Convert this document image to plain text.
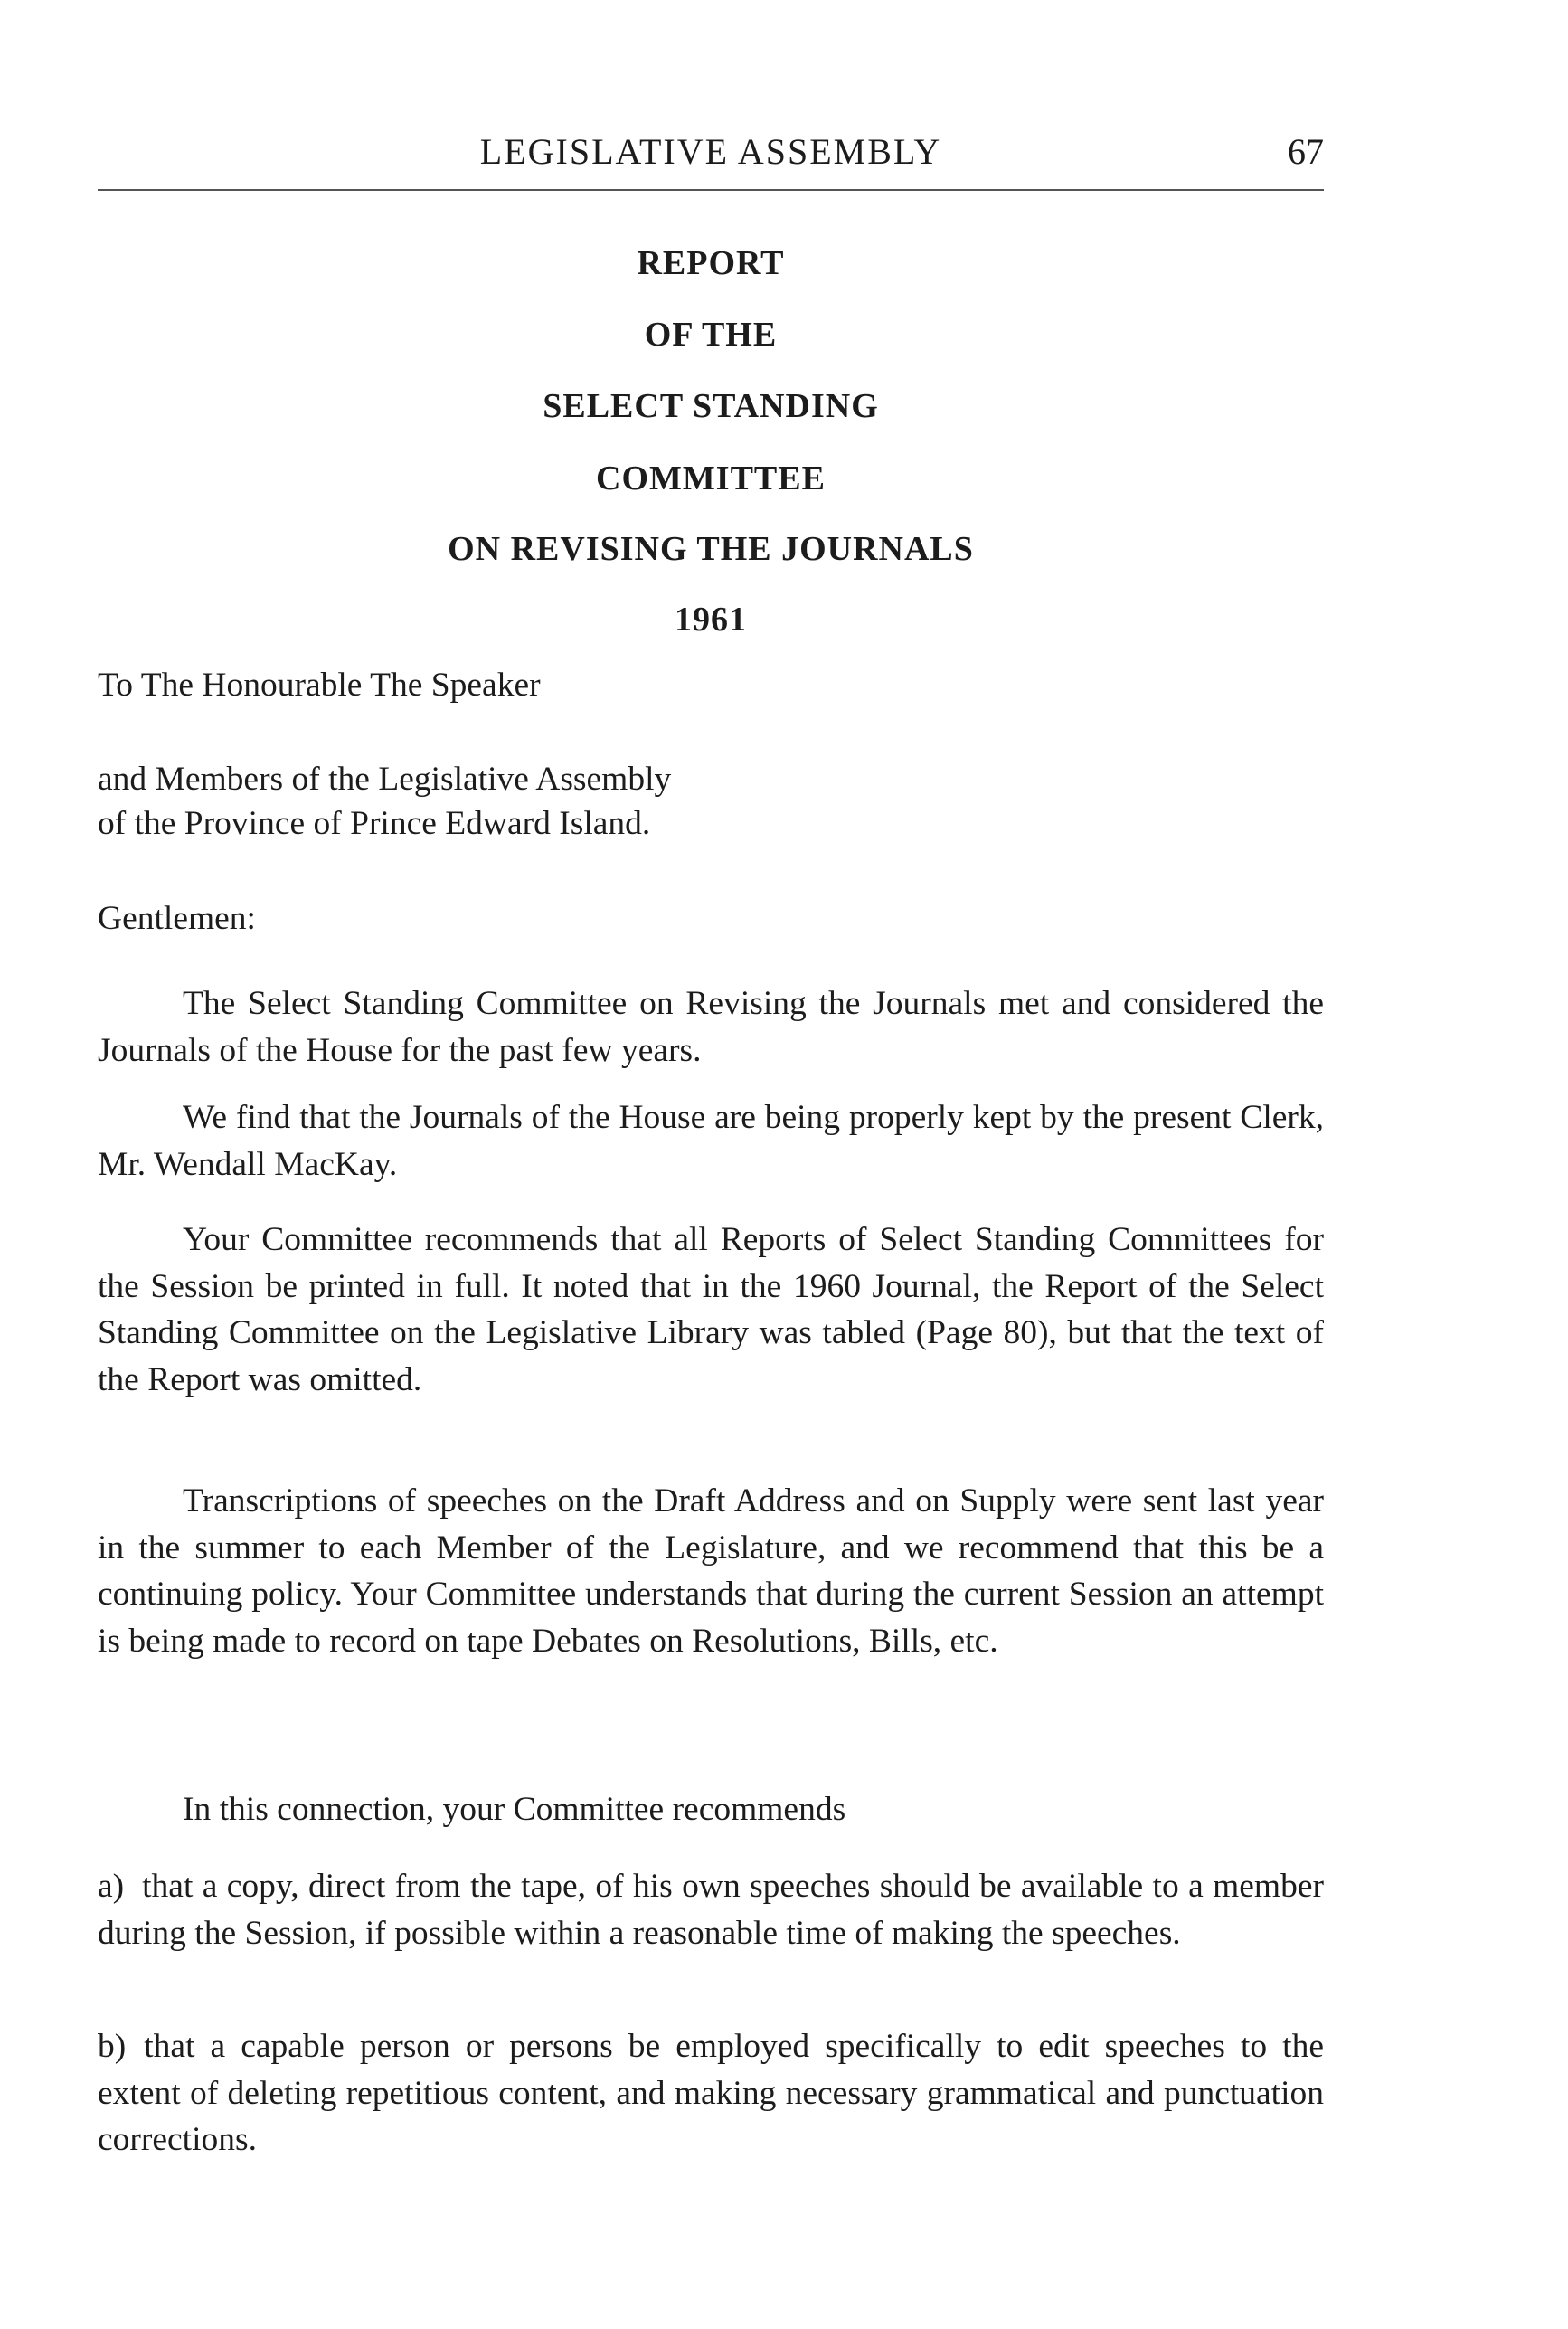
LEGISLATIVE ASSEMBLY	67
REPORT
OF THE
SELECT STANDING
COMMITTEE
ON REVISING THE JOURNALS
1961
To The Honourable The Speaker
and Members of the Legislative Assembly
of the Province of Prince Edward Island.
Gentlemen:

The Select Standing Committee on Revising the Journals met and considered the Journals of the House for the past few years.

We find that the Journals of the House are being properly kept by the present Clerk, Mr. Wendall MacKay.

Your Committee recommends that all Reports of Select Standing Committees for the Session be printed in full. It noted that in the 1960 Journal, the Report of the Select Standing Committee on the Legislative Library was tabled (Page 80), but that the text of the Report was omitted.

Transcriptions of speeches on the Draft Address and on Supply were sent last year in the summer to each Member of the Legislature, and we recommend that this be a continuing policy. Your Committee understands that during the current Session an attempt is being made to record on tape Debates on Resolutions, Bills, etc.

In this connection, your Committee recommends

a) that a copy, direct from the tape, of his own speeches should be available to a member during the Session, if possible within a reasonable time of making the speeches.

b) that a capable person or persons be employed specifically to edit speeches to the extent of deleting repetitious content, and making necessary grammatical and punctuation corrections.
